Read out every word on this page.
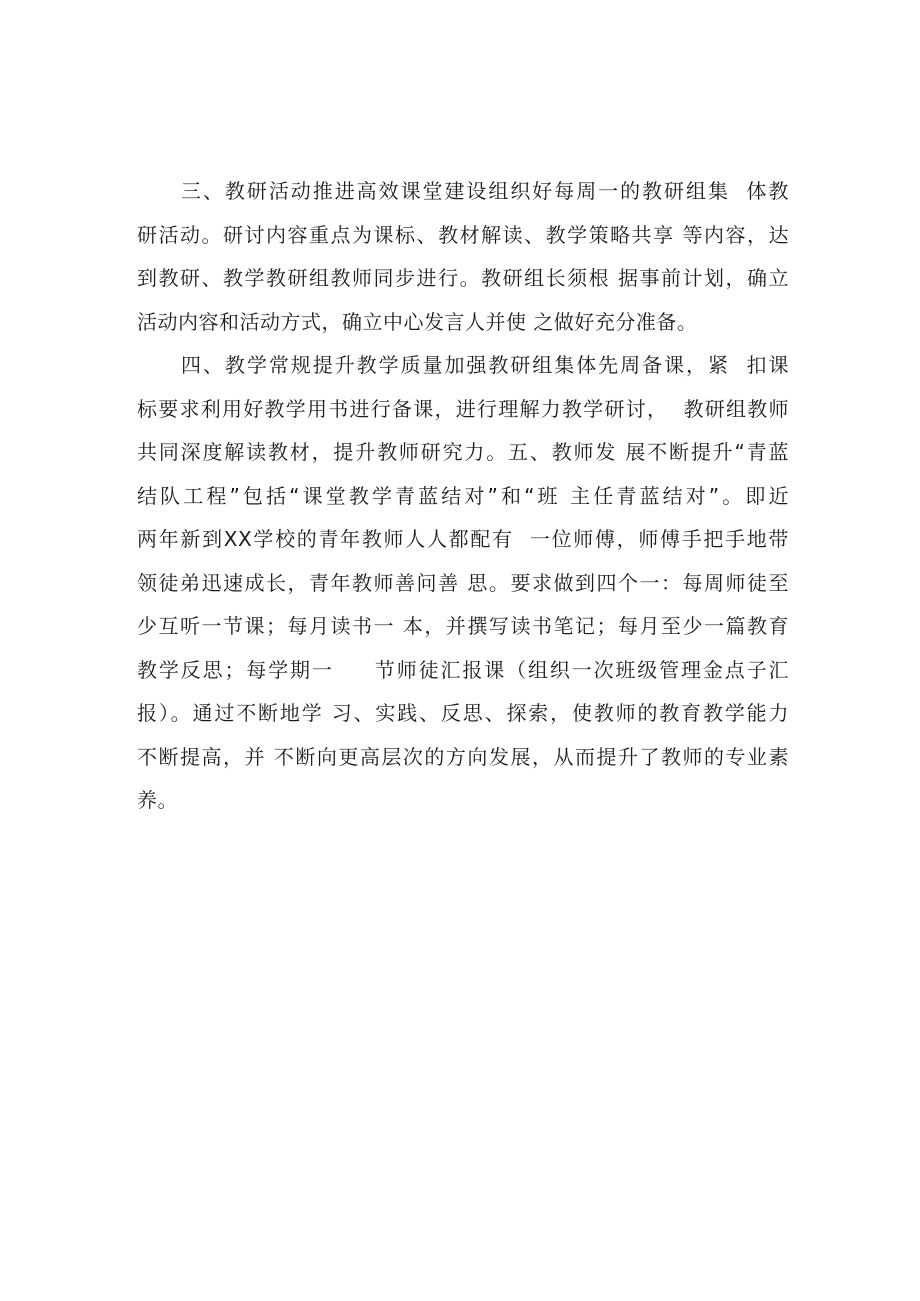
三、教研活动推进高效课堂建设组织好每周一的教研组集  体教
研活动。研讨内容重点为课标、教材解读、教学策略共享 等内容，达
到教研、教学教研组教师同步进行。教研组长须根 据事前计划，确立
活动内容和活动方式，确立中心发言人并使 之做好充分准备。
四、教学常规提升教学质量加强教研组集体先周备课，紧  扣课
标要求利用好教学用书进行备课，进行理解力教学研讨，  教研组教师
共同深度解读教材，提升教师研究力。五、教师发 展不断提升“青蓝
结队工程”包括“课堂教学青蓝结对”和“班 主任青蓝结对”。即近
两年新到XX学校的青年教师人人都配有  一位师傅，师傅手把手地带
领徒弟迅速成长，青年教师善问善 思。要求做到四个一：每周师徒至
少互听一节课；每月读书一 本，并撰写读书笔记；每月至少一篇教育
教学反思；每学期一     节师徒汇报课（组织一次班级管理金点子汇
报）。通过不断地学 习、实践、反思、探索，使教师的教育教学能力
不断提高，并 不断向更高层次的方向发展，从而提升了教师的专业素
养。
